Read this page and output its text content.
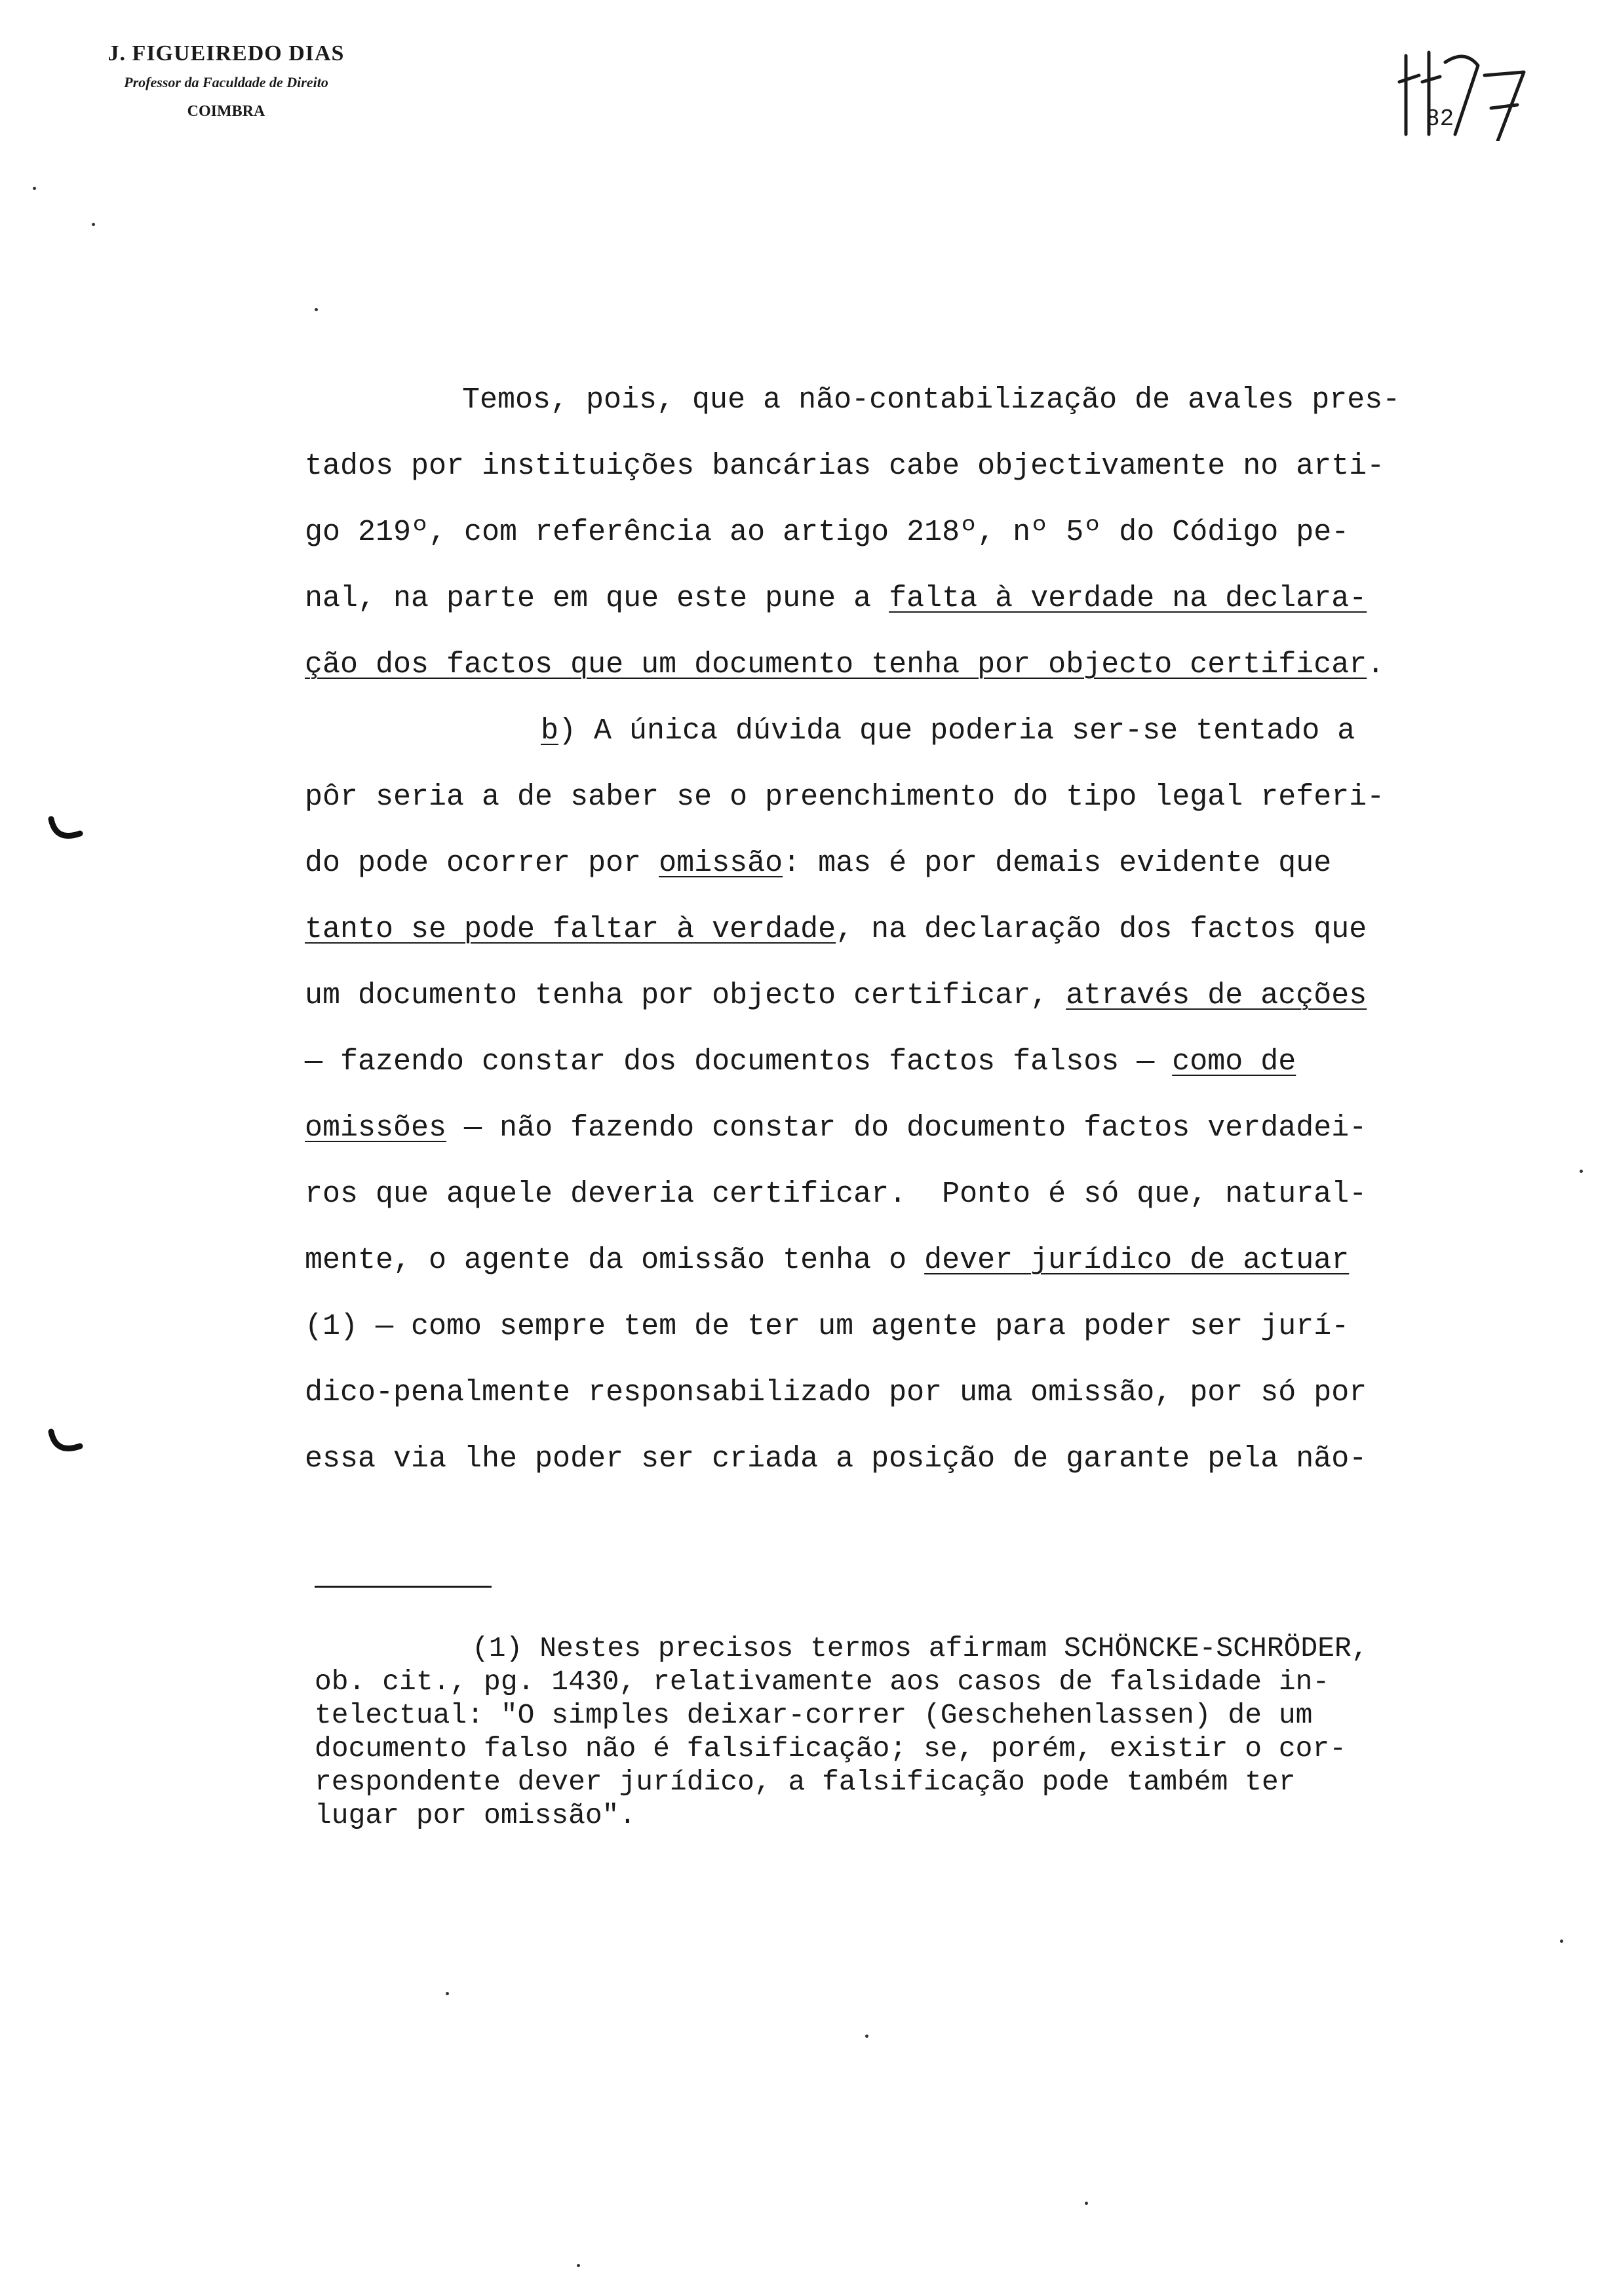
J. FIGUEIREDO DIAS

Professor da Faculdade de Direito

COIMBRA	82

Temos, pois, que a não-contabilização de avales pres-

tados por instituições bancárias cabe objectivamente no arti-

go 219º, com referência ao artigo 218º, nº 5º do Código pe-

nal, na parte em que este pune a falta à verdade na declara-

ção dos factos que um documento tenha por objecto certificar.

b) A única dúvida que poderia ser-se tentado a

pôr seria a de saber se o preenchimento do tipo legal referi-

do pode ocorrer por omissão: mas é por demais evidente que

tanto se pode faltar à verdade, na declaração dos factos que

um documento tenha por objecto certificar, através de acções

— fazendo constar dos documentos factos falsos — como de

omissões — não fazendo constar do documento factos verdadei-

ros que aquele deveria certificar.  Ponto é só que, natural-

mente, o agente da omissão tenha o dever jurídico de actuar

(1) — como sempre tem de ter um agente para poder ser jurí-

dico-penalmente responsabilizado por uma omissão, por só por

essa via lhe poder ser criada a posição de garante pela não-

(1) Nestes precisos termos afirmam SCHÖNCKE-SCHRÖDER,

ob. cit., pg. 1430, relativamente aos casos de falsidade in-

telectual: "O simples deixar-correr (Geschehenlassen) de um

documento falso não é falsificação; se, porém, existir o cor-

respondente dever jurídico, a falsificação pode também ter

lugar por omissão".
